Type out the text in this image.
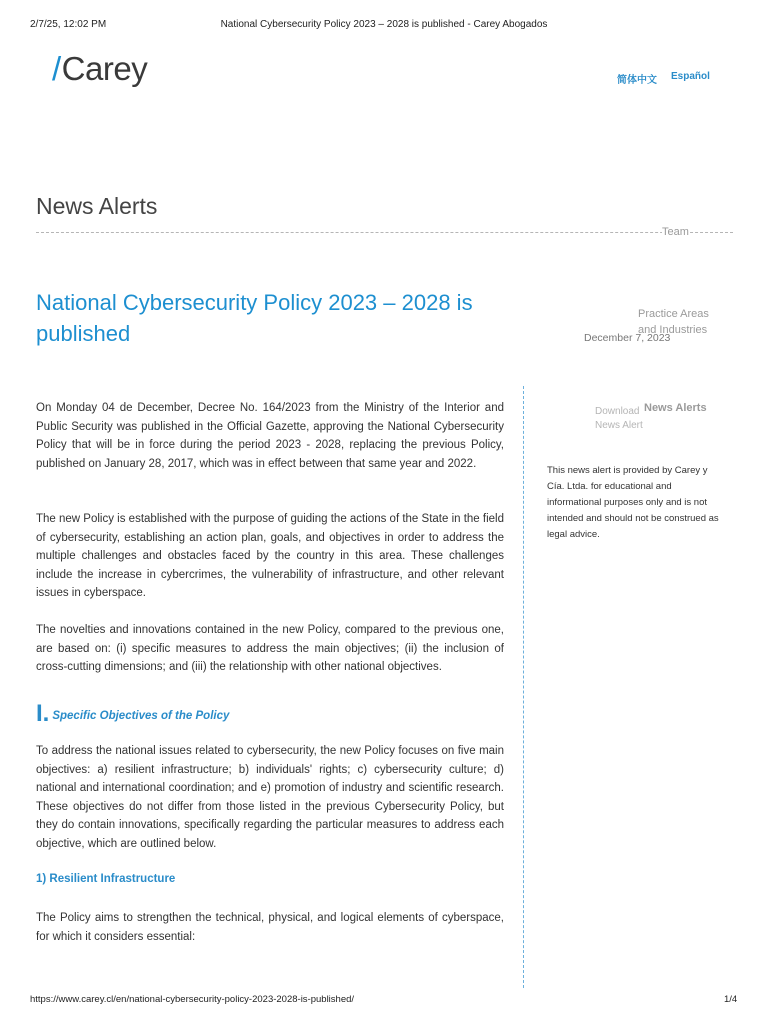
2/7/25, 12:02 PM	National Cybersecurity Policy 2023 – 2028 is published - Carey Abogados
/Carey	简体中文 Español
News Alerts
Team
National Cybersecurity Policy 2023 – 2028 is published
Practice Areas and Industries
December 7, 2023
Download News Alert
News Alerts
This news alert is provided by Carey y Cía. Ltda. for educational and informational purposes only and is not intended and should not be construed as legal advice.

On Monday 04 de December, Decree No. 164/2023 from the Ministry of the Interior and Public Security was published in the Official Gazette, approving the National Cybersecurity Policy that will be in force during the period 2023 - 2028, replacing the previous Policy, published on January 28, 2017, which was in effect between that same year and 2022.

The new Policy is established with the purpose of guiding the actions of the State in the field of cybersecurity, establishing an action plan, goals, and objectives in order to address the multiple challenges and obstacles faced by the country in this area. These challenges include the increase in cybercrimes, the vulnerability of infrastructure, and other relevant issues in cyberspace.

The novelties and innovations contained in the new Policy, compared to the previous one, are based on: (i) specific measures to address the main objectives; (ii) the inclusion of cross-cutting dimensions; and (iii) the relationship with other national objectives.

I. Specific Objectives of the Policy

To address the national issues related to cybersecurity, the new Policy focuses on five main objectives: a) resilient infrastructure; b) individuals' rights; c) cybersecurity culture; d) national and international coordination; and e) promotion of industry and scientific research. These objectives do not differ from those listed in the previous Cybersecurity Policy, but they do contain innovations, specifically regarding the particular measures to address each objective, which are outlined below.

1) Resilient Infrastructure

The Policy aims to strengthen the technical, physical, and logical elements of cyberspace, for which it considers essential:

https://www.carey.cl/en/national-cybersecurity-policy-2023-2028-is-published/	1/4
